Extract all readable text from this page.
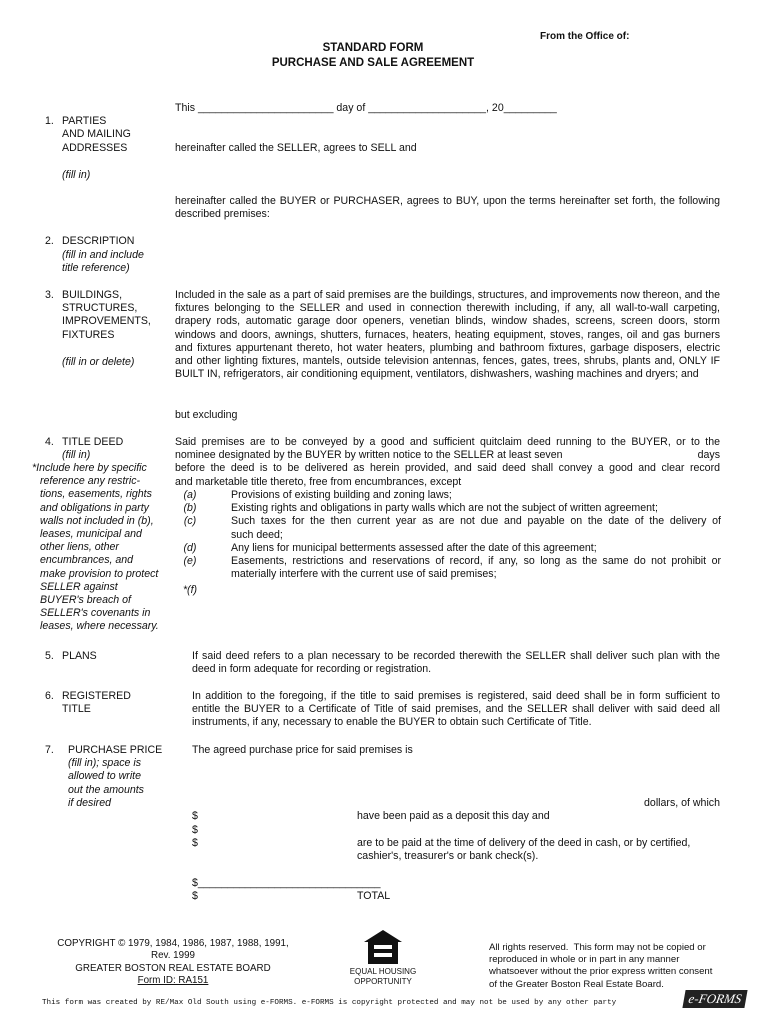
From the Office of:
STANDARD FORM
PURCHASE AND SALE AGREEMENT
This _______________________ day of ____________________, 20_________
1. PARTIES
AND MAILING
ADDRESSES
(fill in)
hereinafter called the SELLER, agrees to SELL and
hereinafter called the BUYER or PURCHASER, agrees to BUY, upon the terms hereinafter set forth, the following described premises:
2. DESCRIPTION
(fill in and include
title reference)
3. BUILDINGS,
STRUCTURES,
IMPROVEMENTS,
FIXTURES
(fill in or delete)
Included in the sale as a part of said premises are the buildings, structures, and improvements now thereon, and the fixtures belonging to the SELLER and used in connection therewith including, if any, all wall-to-wall carpeting, drapery rods, automatic garage door openers, venetian blinds, window shades, screens, screen doors, storm windows and doors, awnings, shutters, furnaces, heaters, heating equipment, stoves, ranges, oil and gas burners and fixtures appurtenant thereto, hot water heaters, plumbing and bathroom fixtures, garbage disposers, electric and other lighting fixtures, mantels, outside television antennas, fences, gates, trees, shrubs, plants and, ONLY IF BUILT IN, refrigerators, air conditioning equipment, ventilators, dishwashers, washing machines and dryers; and
but excluding
4. TITLE DEED
(fill in)
*Include here by specific
reference any restric-
tions, easements, rights
and obligations in party
walls not included in (b),
leases, municipal and
other liens, other
encumbrances, and
make provision to protect
SELLER against
BUYER's breach of
SELLER's covenants in
leases, where necessary.
Said premises are to be conveyed by a good and sufficient quitclaim deed running to the BUYER, or to the
nominee designated by the BUYER by written notice to the SELLER at least seven	days
before the deed is to be delivered as herein provided, and said deed shall convey a good and clear record
and marketable title thereto, free from encumbrances, except
(a)	Provisions of existing building and zoning laws;
(b)	Existing rights and obligations in party walls which are not the subject of written agreement;
(c)	Such taxes for the then current year as are not due and payable on the date of the delivery of
such deed;
(d)	Any liens for municipal betterments assessed after the date of this agreement;
(e)	Easements, restrictions and reservations of record, if any, so long as the same do not prohibit or
materially interfere with the current use of said premises;
*(f)
5. PLANS	If said deed refers to a plan necessary to be recorded therewith the SELLER shall deliver such plan with the deed in form adequate for recording or registration.
6. REGISTERED
TITLE
In addition to the foregoing, if the title to said premises is registered, said deed shall be in form sufficient to entitle the BUYER to a Certificate of Title of said premises, and the SELLER shall deliver with said deed all instruments, if any, necessary to enable the BUYER to obtain such Certificate of Title.
7. PURCHASE PRICE
(fill in); space is
allowed to write
out the amounts
if desired
The agreed purchase price for said premises is
dollars, of which
$	have been paid as a deposit this day and
$
$	are to be paid at the time of delivery of the deed in cash, or by certified,
cashier's, treasurer's or bank check(s).
$_______________________________
$	TOTAL
COPYRIGHT © 1979, 1984, 1986, 1987, 1988, 1991,
Rev. 1999
GREATER BOSTON REAL ESTATE BOARD
Form ID: RA151
EQUAL HOUSING
OPPORTUNITY
All rights reserved.  This form may not be copied or
reproduced in whole or in part in any manner
whatsoever without the prior express written consent
of the Greater Boston Real Estate Board.
This form was created by RE/Max Old South using e-FORMS. e-FORMS is copyright protected and may not be used by any other party	e-FORMS
